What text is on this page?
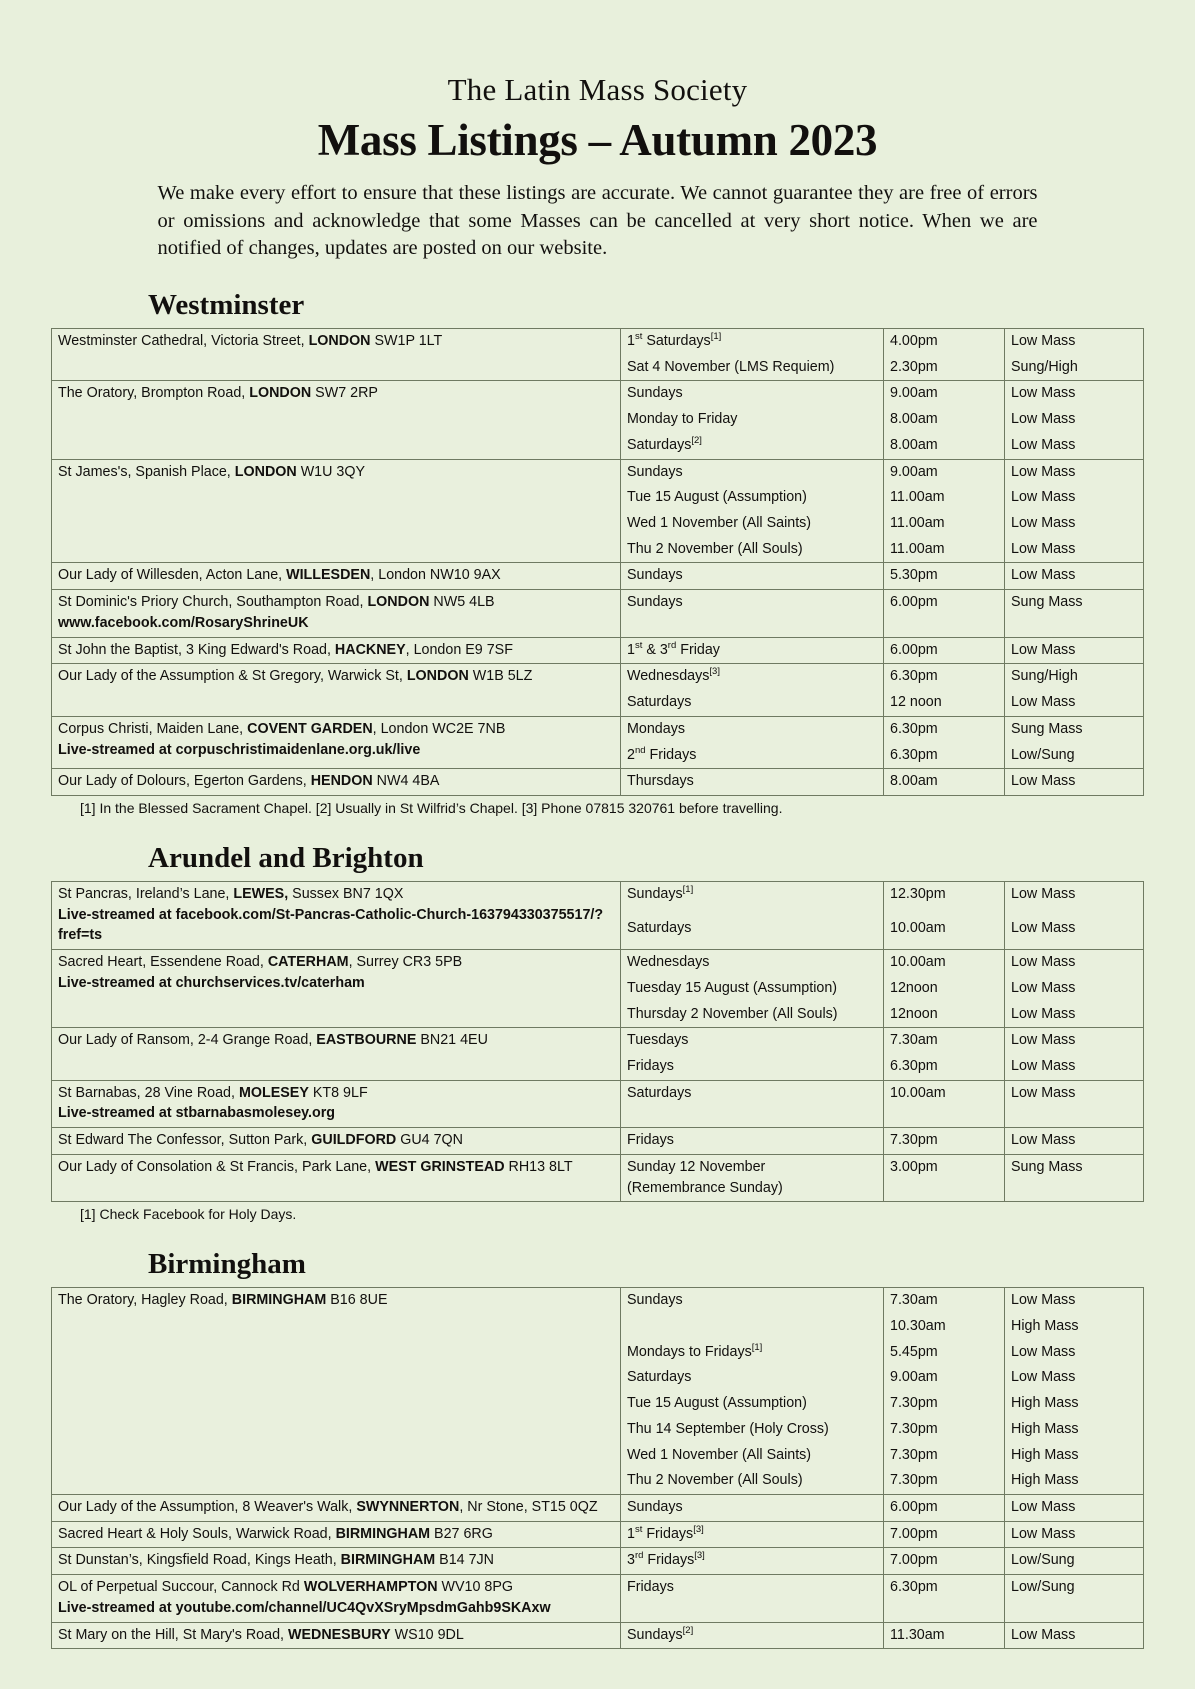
The Latin Mass Society
Mass Listings – Autumn 2023
We make every effort to ensure that these listings are accurate. We cannot guarantee they are free of errors or omissions and acknowledge that some Masses can be cancelled at very short notice. When we are notified of changes, updates are posted on our website.
Westminster
Westminster Cathedral, Victoria Street, LONDON SW1P 1LT	1st Saturdays[1]	4.00pm	Low Mass
	Sat 4 November (LMS Requiem)	2.30pm	Sung/High
The Oratory, Brompton Road, LONDON SW7 2RP	Sundays	9.00am	Low Mass
	Monday to Friday	8.00am	Low Mass
	Saturdays[2]	8.00am	Low Mass
St James's, Spanish Place, LONDON W1U 3QY	Sundays	9.00am	Low Mass
	Tue 15 August (Assumption)	11.00am	Low Mass
	Wed 1 November (All Saints)	11.00am	Low Mass
	Thu 2 November (All Souls)	11.00am	Low Mass
Our Lady of Willesden, Acton Lane, WILLESDEN, London NW10 9AX	Sundays	5.30pm	Low Mass
St Dominic's Priory Church, Southampton Road, LONDON NW5 4LB
www.facebook.com/RosaryShrineUK	Sundays	6.00pm	Sung Mass
St John the Baptist, 3 King Edward's Road, HACKNEY, London E9 7SF	1st & 3rd Friday	6.00pm	Low Mass
Our Lady of the Assumption & St Gregory, Warwick St, LONDON W1B 5LZ	Wednesdays[3]	6.30pm	Sung/High
	Saturdays	12 noon	Low Mass
Corpus Christi, Maiden Lane, COVENT GARDEN, London WC2E 7NB
Live-streamed at corpuschristimaidenlane.org.uk/live	Mondays	6.30pm	Sung Mass
	2nd Fridays	6.30pm	Low/Sung
Our Lady of Dolours, Egerton Gardens, HENDON NW4 4BA	Thursdays	8.00am	Low Mass
[1] In the Blessed Sacrament Chapel. [2] Usually in St Wilfrid’s Chapel. [3] Phone 07815 320761 before travelling.
Arundel and Brighton
St Pancras, Ireland’s Lane, LEWES, Sussex BN7 1QX
Live-streamed at facebook.com/St-Pancras-Catholic-Church-163794330375517/?fref=ts	Sundays[1]	12.30pm	Low Mass
	Saturdays	10.00am	Low Mass
Sacred Heart, Essendene Road, CATERHAM, Surrey CR3 5PB
Live-streamed at churchservices.tv/caterham	Wednesdays	10.00am	Low Mass
	Tuesday 15 August (Assumption)	12noon	Low Mass
	Thursday 2 November (All Souls)	12noon	Low Mass
Our Lady of Ransom, 2-4 Grange Road, EASTBOURNE BN21 4EU	Tuesdays	7.30am	Low Mass
	Fridays	6.30pm	Low Mass
St Barnabas, 28 Vine Road, MOLESEY KT8 9LF
Live-streamed at stbarnabasmolesey.org	Saturdays	10.00am	Low Mass
St Edward The Confessor, Sutton Park, GUILDFORD GU4 7QN	Fridays	7.30pm	Low Mass
Our Lady of Consolation & St Francis, Park Lane, WEST GRINSTEAD RH13 8LT	Sunday 12 November
(Remembrance Sunday)	3.00pm	Sung Mass
[1] Check Facebook for Holy Days.
Birmingham
The Oratory, Hagley Road, BIRMINGHAM B16 8UE	Sundays	7.30am	Low Mass
		10.30am	High Mass
	Mondays to Fridays[1]	5.45pm	Low Mass
	Saturdays	9.00am	Low Mass
	Tue 15 August (Assumption)	7.30pm	High Mass
	Thu 14 September (Holy Cross)	7.30pm	High Mass
	Wed 1 November (All Saints)	7.30pm	High Mass
	Thu 2 November (All Souls)	7.30pm	High Mass
Our Lady of the Assumption, 8 Weaver's Walk, SWYNNERTON, Nr Stone, ST15 0QZ	Sundays	6.00pm	Low Mass
Sacred Heart & Holy Souls, Warwick Road, BIRMINGHAM B27 6RG	1st Fridays[3]	7.00pm	Low Mass
St Dunstan’s, Kingsfield Road, Kings Heath, BIRMINGHAM B14 7JN	3rd Fridays[3]	7.00pm	Low/Sung
OL of Perpetual Succour, Cannock Rd WOLVERHAMPTON WV10 8PG
Live-streamed at youtube.com/channel/UC4QvXSryMpsdmGahb9SKAxw	Fridays	6.30pm	Low/Sung
St Mary on the Hill, St Mary's Road, WEDNESBURY WS10 9DL	Sundays[2]	11.30am	Low Mass
